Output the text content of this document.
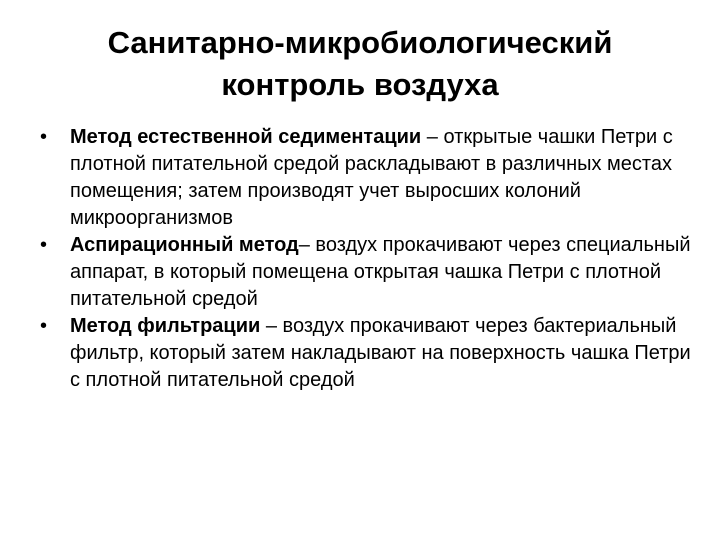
Санитарно-микробиологический
контроль воздуха
• Метод естественной седиментации – открытые чашки Петри с плотной питательной средой раскладывают в различных местах помещения; затем производят учет выросших колоний микроорганизмов
• Аспирационный метод– воздух прокачивают через специальный аппарат, в который помещена открытая чашка Петри с плотной питательной средой
• Метод фильтрации – воздух прокачивают через бактериальный фильтр, который затем накладывают на поверхность чашка Петри с плотной питательной средой
